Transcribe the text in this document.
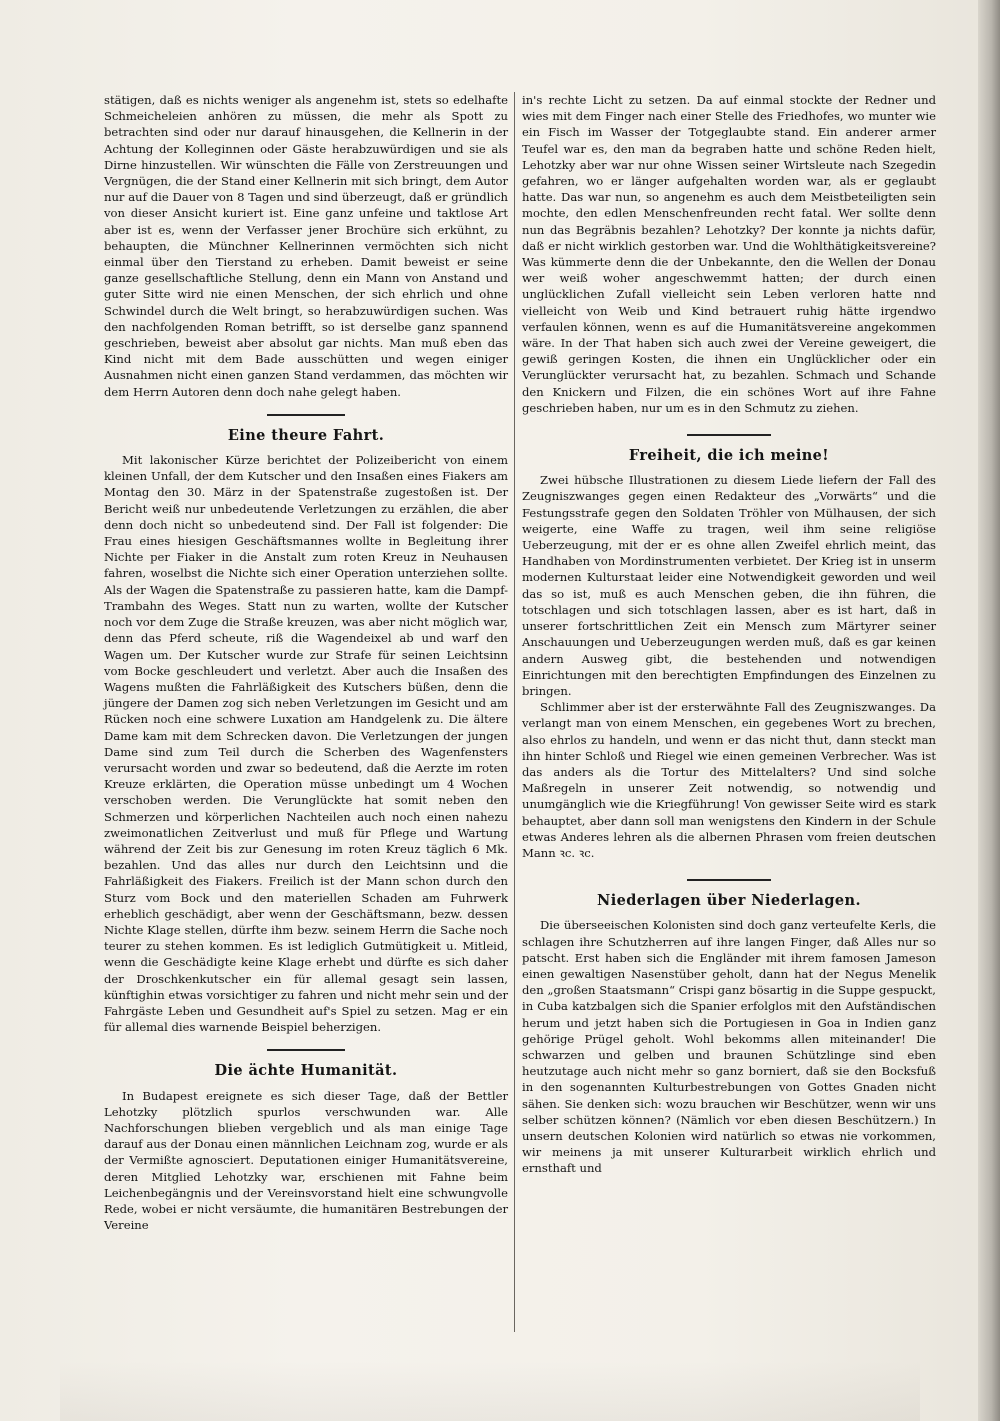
stätigen, daß es nichts weniger als angenehm ist, stets so edelhafte Schmeicheleien anhören zu müssen, die mehr als Spott zu betrachten sind oder nur darauf hinausgehen, die Kellnerin in der Achtung der Kolleginnen oder Gäste herabzuwürdigen und sie als Dirne hinzustellen. Wir wünschten die Fälle von Zerstreuungen und Vergnügen, die der Stand einer Kellnerin mit sich bringt, dem Autor nur auf die Dauer von 8 Tagen und sind überzeugt, daß er gründlich von dieser Ansicht kuriert ist. Eine ganz unfeine und taktlose Art aber ist es, wenn der Verfasser jener Brochüre sich erkühnt, zu behaupten, die Münchner Kellnerinnen vermöchten sich nicht einmal über den Tierstand zu erheben. Damit beweist er seine ganze gesellschaftliche Stellung, denn ein Mann von Anstand und guter Sitte wird nie einen Menschen, der sich ehrlich und ohne Schwindel durch die Welt bringt, so herabzuwürdigen suchen. Was den nachfolgenden Roman betrifft, so ist derselbe ganz spannend geschrieben, beweist aber absolut gar nichts. Man muß eben das Kind nicht mit dem Bade ausschütten und wegen einiger Ausnahmen nicht einen ganzen Stand verdammen, das möchten wir dem Herrn Autoren denn doch nahe gelegt haben.

Eine theure Fahrt.

Mit lakonischer Kürze berichtet der Polizeibericht von einem kleinen Unfall, der dem Kutscher und den Insaßen eines Fiakers am Montag den 30. März in der Spatenstraße zugestoßen ist. Der Bericht weiß nur unbedeutende Verletzungen zu erzählen, die aber denn doch nicht so unbedeutend sind. Der Fall ist folgender: Die Frau eines hiesigen Geschäftsmannes wollte in Begleitung ihrer Nichte per Fiaker in die Anstalt zum roten Kreuz in Neuhausen fahren, woselbst die Nichte sich einer Operation unterziehen sollte. Als der Wagen die Spatenstraße zu passieren hatte, kam die Dampf-Trambahn des Weges. Statt nun zu warten, wollte der Kutscher noch vor dem Zuge die Straße kreuzen, was aber nicht möglich war, denn das Pferd scheute, riß die Wagendeixel ab und warf den Wagen um. Der Kutscher wurde zur Strafe für seinen Leichtsinn vom Bocke geschleudert und verletzt. Aber auch die Insaßen des Wagens mußten die Fahrläßigkeit des Kutschers büßen, denn die jüngere der Damen zog sich neben Verletzungen im Gesicht und am Rücken noch eine schwere Luxation am Handgelenk zu. Die ältere Dame kam mit dem Schrecken davon. Die Verletzungen der jungen Dame sind zum Teil durch die Scherben des Wagenfensters verursacht worden und zwar so bedeutend, daß die Aerzte im roten Kreuze erklärten, die Operation müsse unbedingt um 4 Wochen verschoben werden. Die Verunglückte hat somit neben den Schmerzen und körperlichen Nachteilen auch noch einen nahezu zweimonatlichen Zeitverlust und muß für Pflege und Wartung während der Zeit bis zur Genesung im roten Kreuz täglich 6 Mk. bezahlen. Und das alles nur durch den Leichtsinn und die Fahrläßigkeit des Fiakers. Freilich ist der Mann schon durch den Sturz vom Bock und den materiellen Schaden am Fuhrwerk erheblich geschädigt, aber wenn der Geschäftsmann, bezw. dessen Nichte Klage stellen, dürfte ihm bezw. seinem Herrn die Sache noch teurer zu stehen kommen. Es ist lediglich Gutmütigkeit u. Mitleid, wenn die Geschädigte keine Klage erhebt und dürfte es sich daher der Droschkenkutscher ein für allemal gesagt sein lassen, künftighin etwas vorsichtiger zu fahren und nicht mehr sein und der Fahrgäste Leben und Gesundheit auf's Spiel zu setzen. Mag er ein für allemal dies warnende Beispiel beherzigen.

Die ächte Humanität.

In Budapest ereignete es sich dieser Tage, daß der Bettler Lehotzky plötzlich spurlos verschwunden war. Alle Nachforschungen blieben vergeblich und als man einige Tage darauf aus der Donau einen männlichen Leichnam zog, wurde er als der Vermißte agnosciert. Deputationen einiger Humanitätsvereine, deren Mitglied Lehotzky war, erschienen mit Fahne beim Leichenbegängnis und der Vereinsvorstand hielt eine schwungvolle Rede, wobei er nicht versäumte, die humanitären Bestrebungen der Vereine

in's rechte Licht zu setzen. Da auf einmal stockte der Redner und wies mit dem Finger nach einer Stelle des Friedhofes, wo munter wie ein Fisch im Wasser der Totgeglaubte stand. Ein anderer armer Teufel war es, den man da begraben hatte und schöne Reden hielt, Lehotzky aber war nur ohne Wissen seiner Wirtsleute nach Szegedin gefahren, wo er länger aufgehalten worden war, als er geglaubt hatte. Das war nun, so angenehm es auch dem Meistbeteiligten sein mochte, den edlen Menschenfreunden recht fatal. Wer sollte denn nun das Begräbnis bezahlen? Lehotzky? Der konnte ja nichts dafür, daß er nicht wirklich gestorben war. Und die Wohlthätigkeitsvereine? Was kümmerte denn die der Unbekannte, den die Wellen der Donau wer weiß woher angeschwemmt hatten; der durch einen unglücklichen Zufall vielleicht sein Leben verloren hatte nnd vielleicht von Weib und Kind betrauert ruhig hätte irgendwo verfaulen können, wenn es auf die Humanitätsvereine angekommen wäre. In der That haben sich auch zwei der Vereine geweigert, die gewiß geringen Kosten, die ihnen ein Unglücklicher oder ein Verunglückter verursacht hat, zu bezahlen. Schmach und Schande den Knickern und Filzen, die ein schönes Wort auf ihre Fahne geschrieben haben, nur um es in den Schmutz zu ziehen.

Freiheit, die ich meine!

Zwei hübsche Illustrationen zu diesem Liede liefern der Fall des Zeugniszwanges gegen einen Redakteur des „Vorwärts“ und die Festungsstrafe gegen den Soldaten Tröhler von Mülhausen, der sich weigerte, eine Waffe zu tragen, weil ihm seine religiöse Ueberzeugung, mit der er es ohne allen Zweifel ehrlich meint, das Handhaben von Mordinstrumenten verbietet. Der Krieg ist in unserm modernen Kulturstaat leider eine Notwendigkeit geworden und weil das so ist, muß es auch Menschen geben, die ihn führen, die totschlagen und sich totschlagen lassen, aber es ist hart, daß in unserer fortschrittlichen Zeit ein Mensch zum Märtyrer seiner Anschauungen und Ueberzeugungen werden muß, daß es gar keinen andern Ausweg gibt, die bestehenden und notwendigen Einrichtungen mit den berechtigten Empfindungen des Einzelnen zu bringen.

Schlimmer aber ist der ersterwähnte Fall des Zeugniszwanges. Da verlangt man von einem Menschen, ein gegebenes Wort zu brechen, also ehrlos zu handeln, und wenn er das nicht thut, dann steckt man ihn hinter Schloß und Riegel wie einen gemeinen Verbrecher. Was ist das anders als die Tortur des Mittelalters? Und sind solche Maßregeln in unserer Zeit notwendig, so notwendig und unumgänglich wie die Kriegführung! Von gewisser Seite wird es stark behauptet, aber dann soll man wenigstens den Kindern in der Schule etwas Anderes lehren als die albernen Phrasen vom freien deutschen Mann ꝛc. ꝛc.

Niederlagen über Niederlagen.

Die überseeischen Kolonisten sind doch ganz verteufelte Kerls, die schlagen ihre Schutzherren auf ihre langen Finger, daß Alles nur so patscht. Erst haben sich die Engländer mit ihrem famosen Jameson einen gewaltigen Nasenstüber geholt, dann hat der Negus Menelik den „großen Staatsmann“ Crispi ganz bösartig in die Suppe gespuckt, in Cuba katzbalgen sich die Spanier erfolglos mit den Aufständischen herum und jetzt haben sich die Portugiesen in Goa in Indien ganz gehörige Prügel geholt. Wohl bekomms allen miteinander! Die schwarzen und gelben und braunen Schützlinge sind eben heutzutage auch nicht mehr so ganz borniert, daß sie den Bocksfuß in den sogenannten Kulturbestrebungen von Gottes Gnaden nicht sähen. Sie denken sich: wozu brauchen wir Beschützer, wenn wir uns selber schützen können? (Nämlich vor eben diesen Beschützern.) In unsern deutschen Kolonien wird natürlich so etwas nie vorkommen, wir meinens ja mit unserer Kulturarbeit wirklich ehrlich und ernsthaft und
